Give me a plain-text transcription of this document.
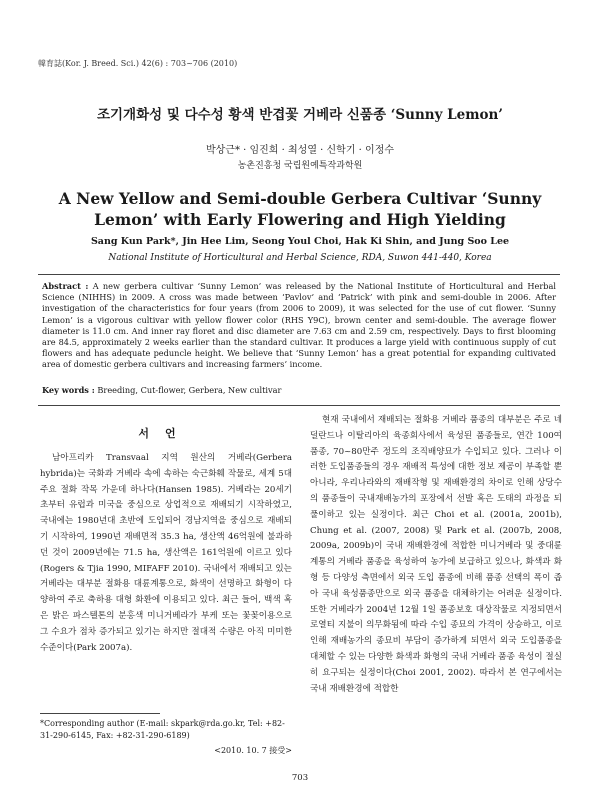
韓育誌(Kor. J. Breed. Sci.) 42(6) : 703~706 (2010)
조기개화성 및 다수성 황색 반겹꽃 거베라 신품종 ‘Sunny Lemon’
박상근* · 임진희 · 최성열 · 신학기 · 이정수
농촌진흥청 국립원예특작과학원
A New Yellow and Semi-double Gerbera Cultivar ‘Sunny Lemon’ with Early Flowering and High Yielding
Sang Kun Park*, Jin Hee Lim, Seong Youl Choi, Hak Ki Shin, and Jung Soo Lee
National Institute of Horticultural and Herbal Science, RDA, Suwon 441-440, Korea
Abstract : A new gerbera cultivar ‘Sunny Lemon’ was released by the National Institute of Horticultural and Herbal Science (NIHHS) in 2009. A cross was made between ‘Pavlov’ and ‘Patrick’ with pink and semi-double in 2006. After investigation of the characteristics for four years (from 2006 to 2009), it was selected for the use of cut flower. ‘Sunny Lemon’ is a vigorous cultivar with yellow flower color (RHS Y9C), brown center and semi-double. The average flower diameter is 11.0 cm. And inner ray floret and disc diameter are 7.63 cm and 2.59 cm, respectively. Days to first blooming are 84.5, approximately 2 weeks earlier than the standard cultivar. It produces a large yield with continuous supply of cut flowers and has adequate peduncle height. We believe that ‘Sunny Lemon’ has a great potential for expanding cultivated area of domestic gerbera cultivars and increasing farmers’ income.
Key words : Breeding, Cut-flower, Gerbera, New cultivar
서언

남아프리카 Transvaal 지역 원산의 거베라(Gerbera hybrida)는 국화과 거베라 속에 속하는 숙근화훼 작물로, 세계 5대 주요 절화 작목 가운데 하나다(Hansen 1985). 거베라는 20세기 초부터 유럽과 미국을 중심으로 상업적으로 재배되기 시작하였고, 국내에는 1980년대 초반에 도입되어 경남지역을 중심으로 재배되기 시작하여, 1990년 재배면적 35.3 ha, 생산액 46억원에 불과하던 것이 2009년에는 71.5 ha, 생산액은 161억원에 이르고 있다(Rogers & Tjia 1990, MIFAFF 2010). 국내에서 재배되고 있는 거베라는 대부분 절화용 대륜계통으로, 화색이 선명하고 화형이 다양하여 주로 축하용 대형 화환에 이용되고 있다. 최근 들어, 백색 혹은 밝은 파스텔톤의 분홍색 미니거베라가 부케 또는 꽃꽂이용으로 그 수요가 점차 증가되고 있기는 하지만 절대적 수량은 아직 미미한 수준이다(Park 2007a).

현재 국내에서 재배되는 절화용 거베라 품종의 대부분은 주로 네덜란드나 이탈리아의 육종회사에서 육성된 품종들로, 연간 100여 품종, 70~80만주 정도의 조직배양묘가 수입되고 있다. 그러나 이러한 도입품종들의 경우 재배적 특성에 대한 정보 제공이 부족할 뿐 아니라, 우리나라와의 재배작형 및 재배환경의 차이로 인해 상당수의 품종들이 국내재배농가의 포장에서 선발 혹은 도태의 과정을 되풀이하고 있는 실정이다. 최근 Choi et al. (2001a, 2001b), Chung et al. (2007, 2008) 및 Park et al. (2007b, 2008, 2009a, 2009b)이 국내 재배환경에 적합한 미니거베라 및 중대륜계통의 거베라 품종을 육성하여 농가에 보급하고 있으나, 화색과 화형 등 다양성 측면에서 외국 도입 품종에 비해 품종 선택의 폭이 좁아 국내 육성품종만으로 외국 품종을 대체하기는 어려운 실정이다. 또한 거베라가 2004년 12월 1일 품종보호 대상작물로 지정되면서 로열티 지불이 의무화됨에 따라 수입 종묘의 가격이 상승하고, 이로 인해 재배농가의 종묘비 부담이 증가하게 되면서 외국 도입품종을 대체할 수 있는 다양한 화색과 화형의 국내 거베라 품종 육성이 절실히 요구되는 실정이다(Choi 2001, 2002). 따라서 본 연구에서는 국내 재배환경에 적합한

*Corresponding author (E-mail: skpark@rda.go.kr, Tel: +82-31-290-6145, Fax: +82-31-290-6189)
<2010. 10. 7 接受>
703
